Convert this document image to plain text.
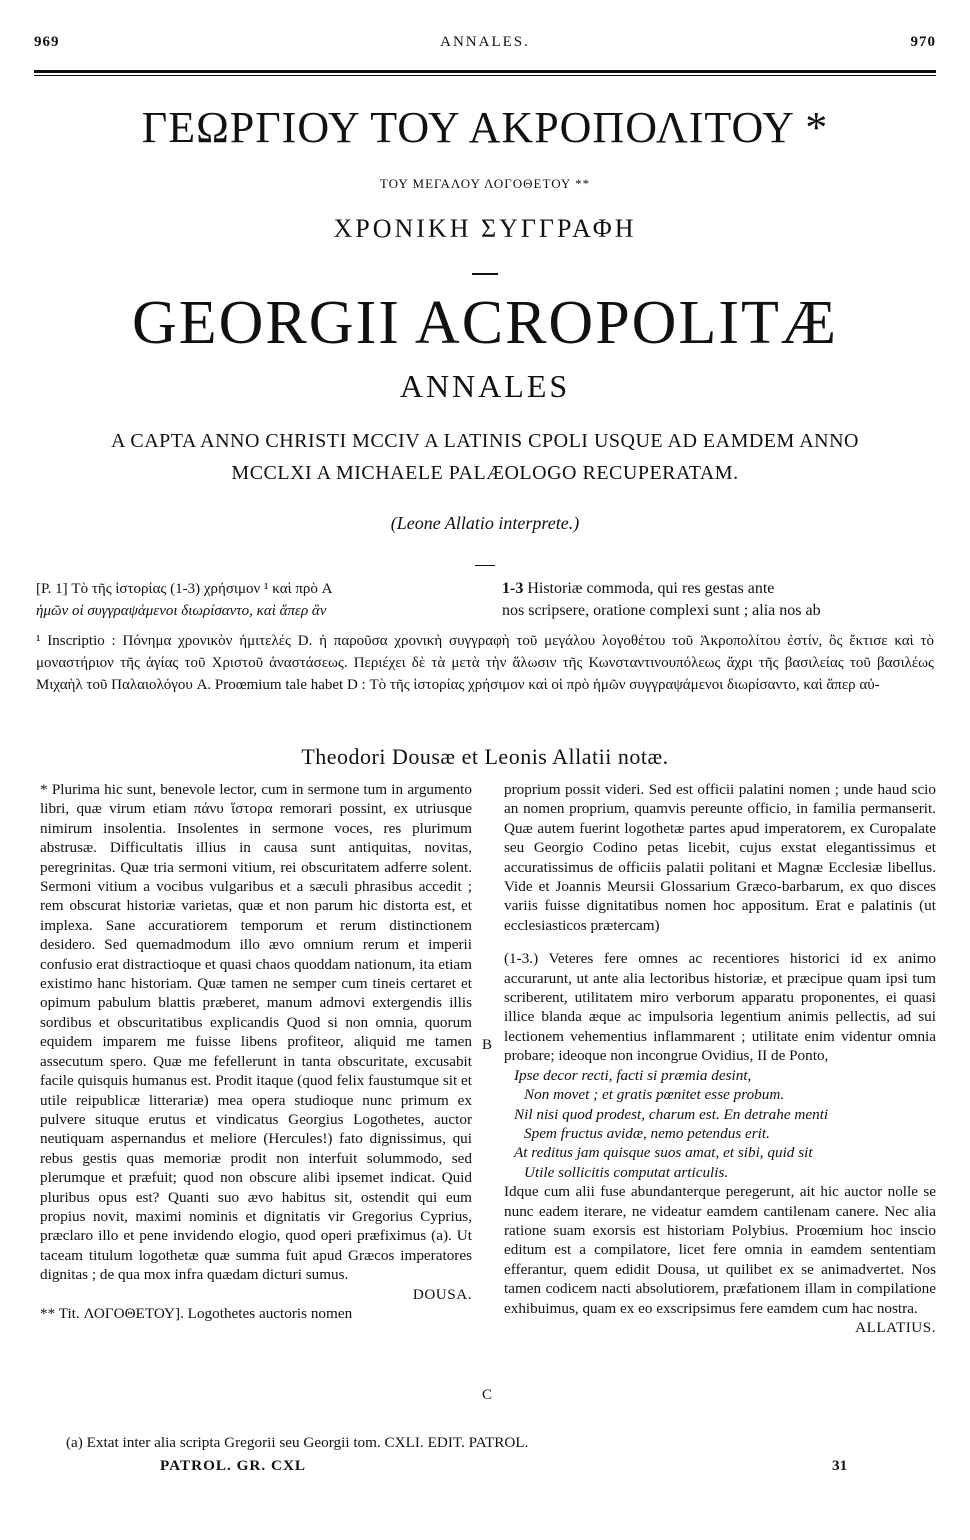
969	ANNALES.	970
ΓΕΩΡΓΙΟΥ ΤΟΥ ΑΚΡΟΠΟΛΙΤΟΥ *
ΤΟΥ ΜΕΓΑΛΟΥ ΛΟΓΟΘΕΤΟΥ **
ΧΡΟΝΙΚΗ ΣΥΓΓΡΑΦΗ
GEORGII ACROPOLITÆ
ANNALES
A CAPTA ANNO CHRISTI MCCIV A LATINIS CPOLI USQUE AD EAMDEM ANNO
MCCLXI A MICHAELE PALÆOLOGO RECUPERATAM.
(Leone Allatio interprete.)
[P. 1] Τὸ τῆς ἱστορίας (1-3) χρήσιμον ¹ καὶ πρὸ A
ἡμῶν οἱ συγγραψάμενοι διωρίσαντο, καὶ ἅπερ ἂν
1-3 Historiæ commoda, qui res gestas ante
nos scripsere, oratione complexi sunt ; alia nos ab
¹ Inscriptio : Πόνημα χρονικὸν ἡμιτελές D. ἡ παροῦσα χρονικὴ συγγραφὴ τοῦ μεγάλου λογοθέτου τοῦ Ἀκροπολίτου ἐστίν, ὃς ἔκτισε καὶ τὸ μοναστήριον τῆς ἁγίας τοῦ Χριστοῦ ἀναστάσεως. Περιέχει δὲ τὰ μετὰ τὴν ἅλωσιν τῆς Κωνσταντινουπόλεως ἄχρι τῆς βασιλείας τοῦ βασιλέως Μιχαὴλ τοῦ Παλαιολόγου A. Proœmium tale habet D : Τὸ τῆς ἱστορίας χρήσιμον καὶ οἱ πρὸ ἡμῶν συγγραψάμενοι διωρίσαντο, καὶ ἅπερ αὐ-
Theodori Dousæ et Leonis Allatii notæ.

* Plurima hic sunt, benevole lector, cum in sermone tum in argumento libri, quæ virum etiam πάνυ ἵστορα remorari possint, ex utriusque nimirum insolentia. Insolentes in sermone voces, res plurimum abstrusæ. Difficultatis illius in causa sunt antiquitas, novitas, peregrinitas. Quæ tria sermoni vitium, rei obscuritatem adferre solent. Sermoni vitium a vocibus vulgaribus et a sæculi phrasibus accedit ; rem obscurat historiæ varietas, quæ et non parum hic distorta est, et implexa. Sane accuratiorem temporum et rerum distinctionem desidero. Sed quemadmodum illo ævo omnium rerum et imperii confusio erat distractioque et quasi chaos quoddam nationum, ita etiam existimo hanc historiam. Quæ tamen ne semper cum tineis certaret et opimum pabulum blattis præberet, manum admovi extergendis illis sordibus et obscuritatibus explicandis Quod si non omnia, quorum equidem imparem me fuisse libens profiteor, aliquid me tamen assecutum spero. Quæ me fefellerunt in tanta obscuritate, excusabit facile quisquis humanus est. Prodit itaque (quod felix faustumque sit et utile reipublicæ litterariæ) mea opera studioque nunc primum ex pulvere situque erutus et vindicatus Georgius Logothetes, auctor neutiquam aspernandus et meliore (Hercules!) fato dignissimus, qui rebus gestis quas memoriæ prodit non interfuit solummodo, sed plerumque et præfuit; quod non obscure alibi ipsemet indicat. Quid pluribus opus est? Quanti suo ævo habitus sit, ostendit qui eum propius novit, maximi nominis et dignitatis vir Gregorius Cyprius, præclaro illo et pene invidendo elogio, quod operi præfiximus (a). Ut taceam titulum logothetæ quæ summa fuit apud Græcos imperatores dignitas ; de qua mox infra quædam dicturi sumus.

DOUSA.

** Tit. ΛΟΓΟΘΕΤΟΥ]. Logothetes auctoris nomen

B
C

proprium possit videri. Sed est officii palatini nomen ; unde haud scio an nomen proprium, quamvis pereunte officio, in familia permanserit. Quæ autem fuerint logothetæ partes apud imperatorem, ex Curopalate seu Georgio Codino petas licebit, cujus exstat elegantissimus et accuratissimus de officiis palatii politani et Magnæ Ecclesiæ libellus. Vide et Joannis Meursii Glossarium Græco-barbarum, ex quo disces variis fuisse dignitatibus nomen hoc appositum. Erat e palatinis (ut ecclesiasticos prætercam)

(1-3.) Veteres fere omnes ac recentiores historici id ex animo accurarunt, ut ante alia lectoribus historiæ, et præcipue quam ipsi tum scriberent, utilitatem miro verborum apparatu proponentes, ei quasi illice blanda æque ac impulsoria legentium animis pellectis, ad sui lectionem vehementius inflammarent ; utilitate enim videntur omnia probare; ideoque non incongrue Ovidius, II de Ponto,

Ipse decor recti, facti si præmia desint,

Non movet ; et gratis pœnitet esse probum.

Nil nisi quod prodest, charum est. En detrahe menti

Spem fructus avidæ, nemo petendus erit.

At reditus jam quisque suos amat, et sibi, quid sit

Utile sollicitis computat articulis.

Idque cum alii fuse abundanterque peregerunt, ait hic auctor nolle se nunc eadem iterare, ne videatur eamdem cantilenam canere. Nec alia ratione suam exorsis est historiam Polybius. Proœmium hoc inscio editum est a compilatore, licet fere omnia in eamdem sententiam efferantur, quem edidit Dousa, ut quilibet ex se animadvertet. Nos tamen codicem nacti absolutiorem, præfationem illam in compilatione exhibuimus, quam ex eo exscripsimus fere eamdem cum hac nostra.

ALLATIUS.

(a) Extat inter alia scripta Gregorii seu Georgii tom. CXLI. EDIT. PATROL.
PATROL. GR. CXL	31
